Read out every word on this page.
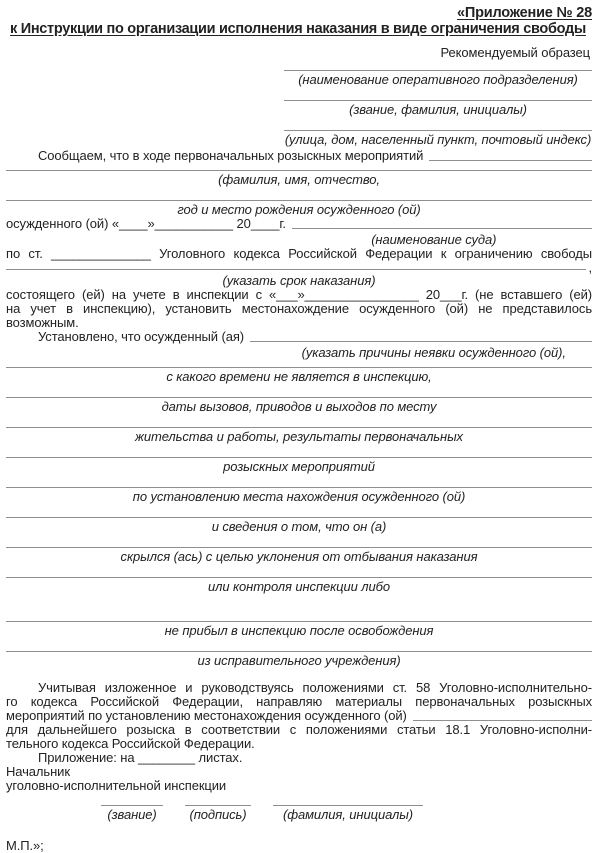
«Приложение № 28
к Инструкции по организации исполнения наказания в виде ограничения свободы
Рекомендуемый образец
(наименование оперативного подразделения)
(звание, фамилия, инициалы)
(улица, дом, населенный пункт, почтовый индекс)
Сообщаем, что в ходе первоначальных розыскных мероприятий
(фамилия, имя, отчество,
год и место рождения осужденного (ой)
осужденного (ой) «____»___________ 20____г.
(наименование суда)
по ст. ______________ Уголовного кодекса Российской Федерации к ограничению свободы
,
(указать срок наказания)
состоящего (ей) на учете в инспекции с «___»________________ 20___г. (не вставшего (ей)
на учет в инспекцию), установить местонахождение осужденного (ой) не представилось
возможным.
Установлено, что осужденный (ая)
(указать причины неявки осужденного (ой),
с какого времени не является в инспекцию,
даты вызовов, приводов и выходов по месту
жительства и работы, результаты первоначальных
розыскных мероприятий
по установлению места нахождения осужденного (ой)
и сведения о том, что он (а)
скрылся (ась) с целью уклонения от отбывания наказания
или контроля инспекции либо
не прибыл в инспекцию после освобождения
из исправительного учреждения)
Учитывая изложенное и руководствуясь положениями ст. 58 Уголовно-исполнительно-
го кодекса Российской Федерации, направляю материалы первоначальных розыскных
мероприятий по установлению местонахождения осужденного (ой)
для дальнейшего розыска в соответствии с положениями статьи 18.1 Уголовно-исполни-
тельного кодекса Российской Федерации.
Приложение: на ________ листах.
Начальник
уголовно-исполнительной инспекции
(звание)	(подпись)	(фамилия, инициалы)
М.П.»;
